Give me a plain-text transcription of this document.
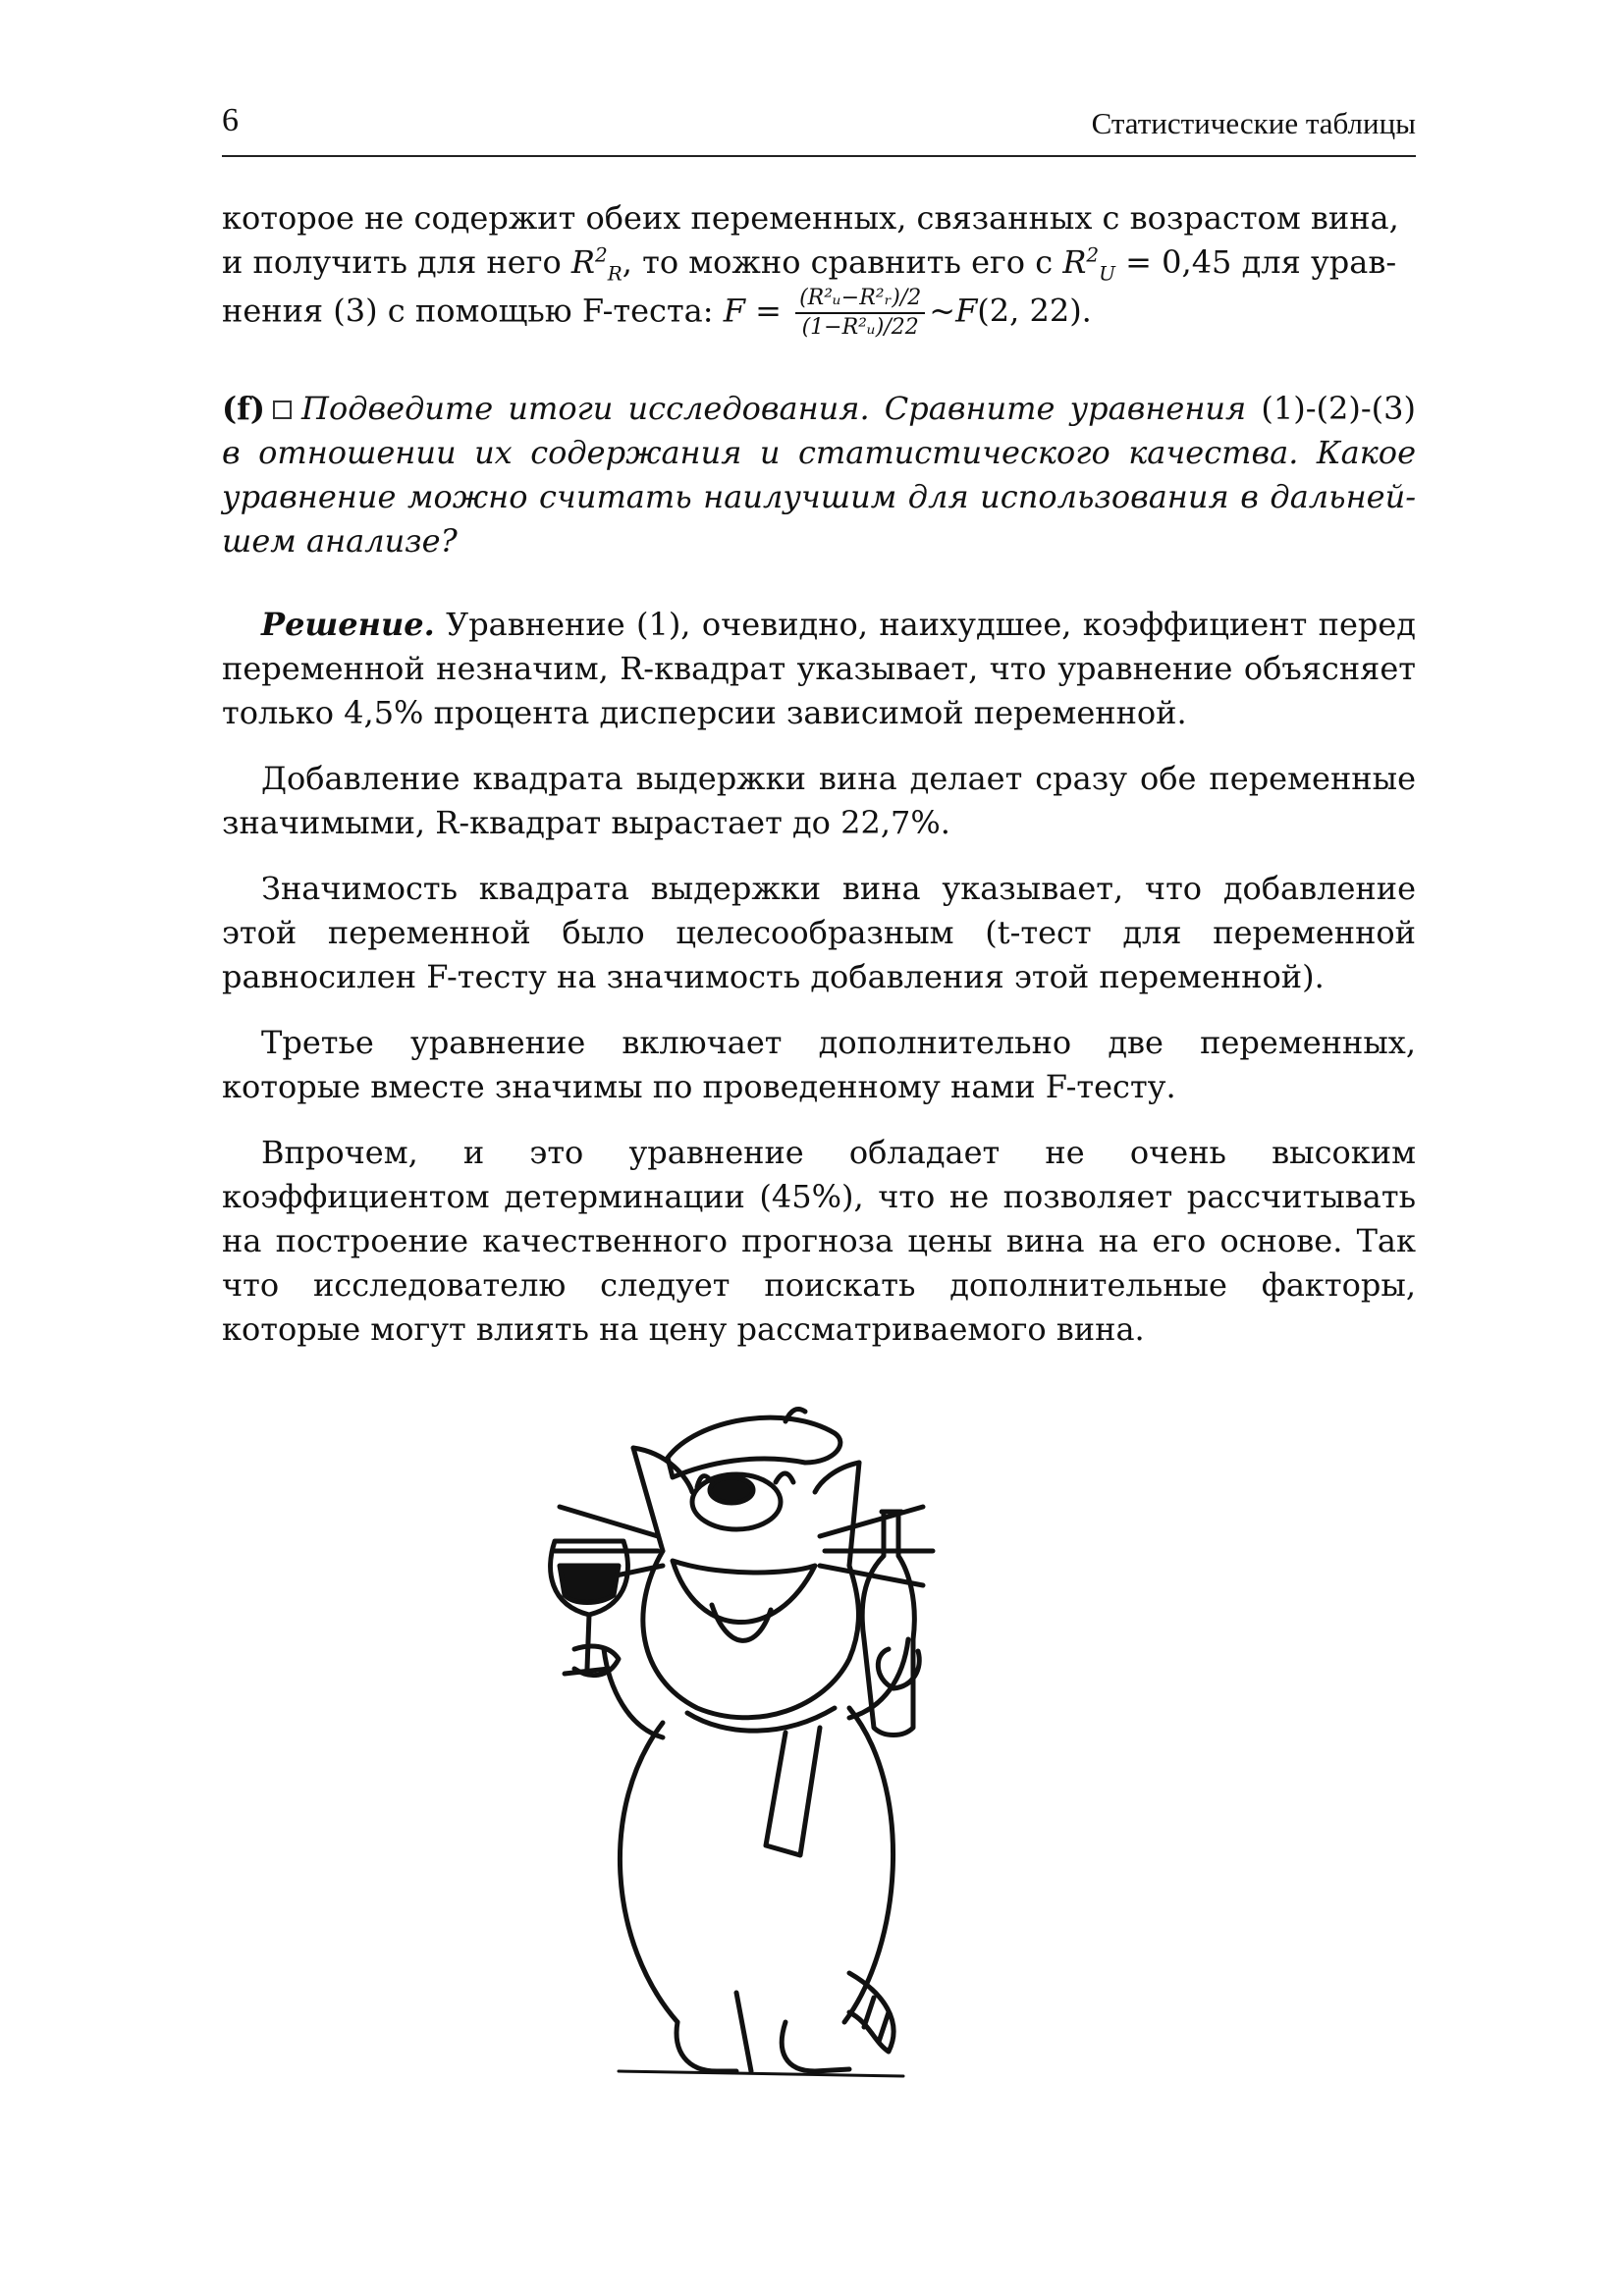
6	Статистические таблицы

которое не содержит обеих переменных, связанных с возрастом вина,
и получить для него $R^2_R$, то можно сравнить его с $R^2_U = 0,45$ для урав-
нения (3) с помощью F-теста: $F = \frac{\text{(R²ᵤ−R²ᵣ)/2}}{\text{(1−R²ᵤ)/22}}$ ~F(2, 22).

(f) Подведите итоги исследования. Сравните уравнения (1)-(2)-(3) в отношении их содержания и статистического качества. Какое уравнение можно считать наилучшим для использования в дальней-шем анализе?

Решение. Уравнение (1), очевидно, наихудшее, коэффициент перед переменной незначим, R-квадрат указывает, что уравнение объясняет только 4,5% процента дисперсии зависимой переменной.

Добавление квадрата выдержки вина делает сразу обе переменные значимыми, R-квадрат вырастает до 22,7%.

Значимость квадрата выдержки вина указывает, что добавление этой переменной было целесообразным (t-тест для переменной равносилен F-тесту на значимость добавления этой переменной).

Третье уравнение включает дополнительно две переменных, которые вместе значимы по проведенному нами F-тесту.

Впрочем, и это уравнение обладает не очень высоким коэффициентом детерминации (45%), что не позволяет рассчитывать на построение качественного прогноза цены вина на его основе. Так что исследователю следует поискать дополнительные факторы, которые могут влиять на цену рассматриваемого вина.
